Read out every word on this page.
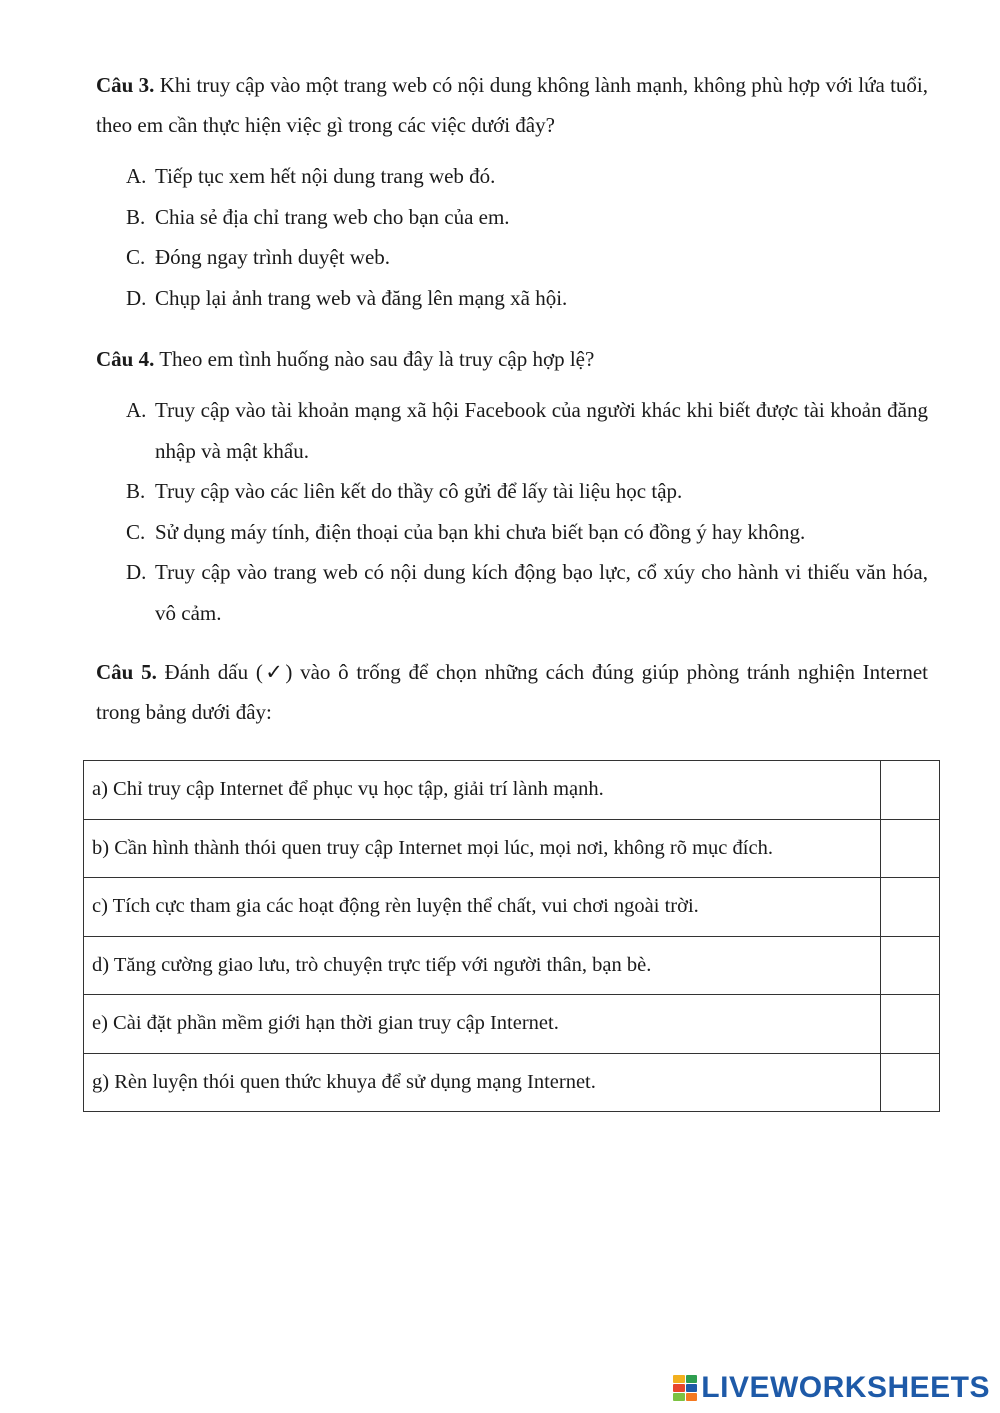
Câu 3. Khi truy cập vào một trang web có nội dung không lành mạnh, không phù hợp với lứa tuổi, theo em cần thực hiện việc gì trong các việc dưới đây?

A. Tiếp tục xem hết nội dung trang web đó.
B. Chia sẻ địa chỉ trang web cho bạn của em.
C. Đóng ngay trình duyệt web.
D. Chụp lại ảnh trang web và đăng lên mạng xã hội.

Câu 4. Theo em tình huống nào sau đây là truy cập hợp lệ?

A. Truy cập vào tài khoản mạng xã hội Facebook của người khác khi biết được tài khoản đăng nhập và mật khẩu.
B. Truy cập vào các liên kết do thầy cô gửi để lấy tài liệu học tập.
C. Sử dụng máy tính, điện thoại của bạn khi chưa biết bạn có đồng ý hay không.
D. Truy cập vào trang web có nội dung kích động bạo lực, cổ xúy cho hành vi thiếu văn hóa, vô cảm.

Câu 5. Đánh dấu (✓) vào ô trống để chọn những cách đúng giúp phòng tránh nghiện Internet trong bảng dưới đây:

a) Chỉ truy cập Internet để phục vụ học tập, giải trí lành mạnh.	
b) Cần hình thành thói quen truy cập Internet mọi lúc, mọi nơi, không rõ mục đích.	
c) Tích cực tham gia các hoạt động rèn luyện thể chất, vui chơi ngoài trời.	
d) Tăng cường giao lưu, trò chuyện trực tiếp với người thân, bạn bè.	
e) Cài đặt phần mềm giới hạn thời gian truy cập Internet.	
g) Rèn luyện thói quen thức khuya để sử dụng mạng Internet.	
LIVEWORKSHEETS
